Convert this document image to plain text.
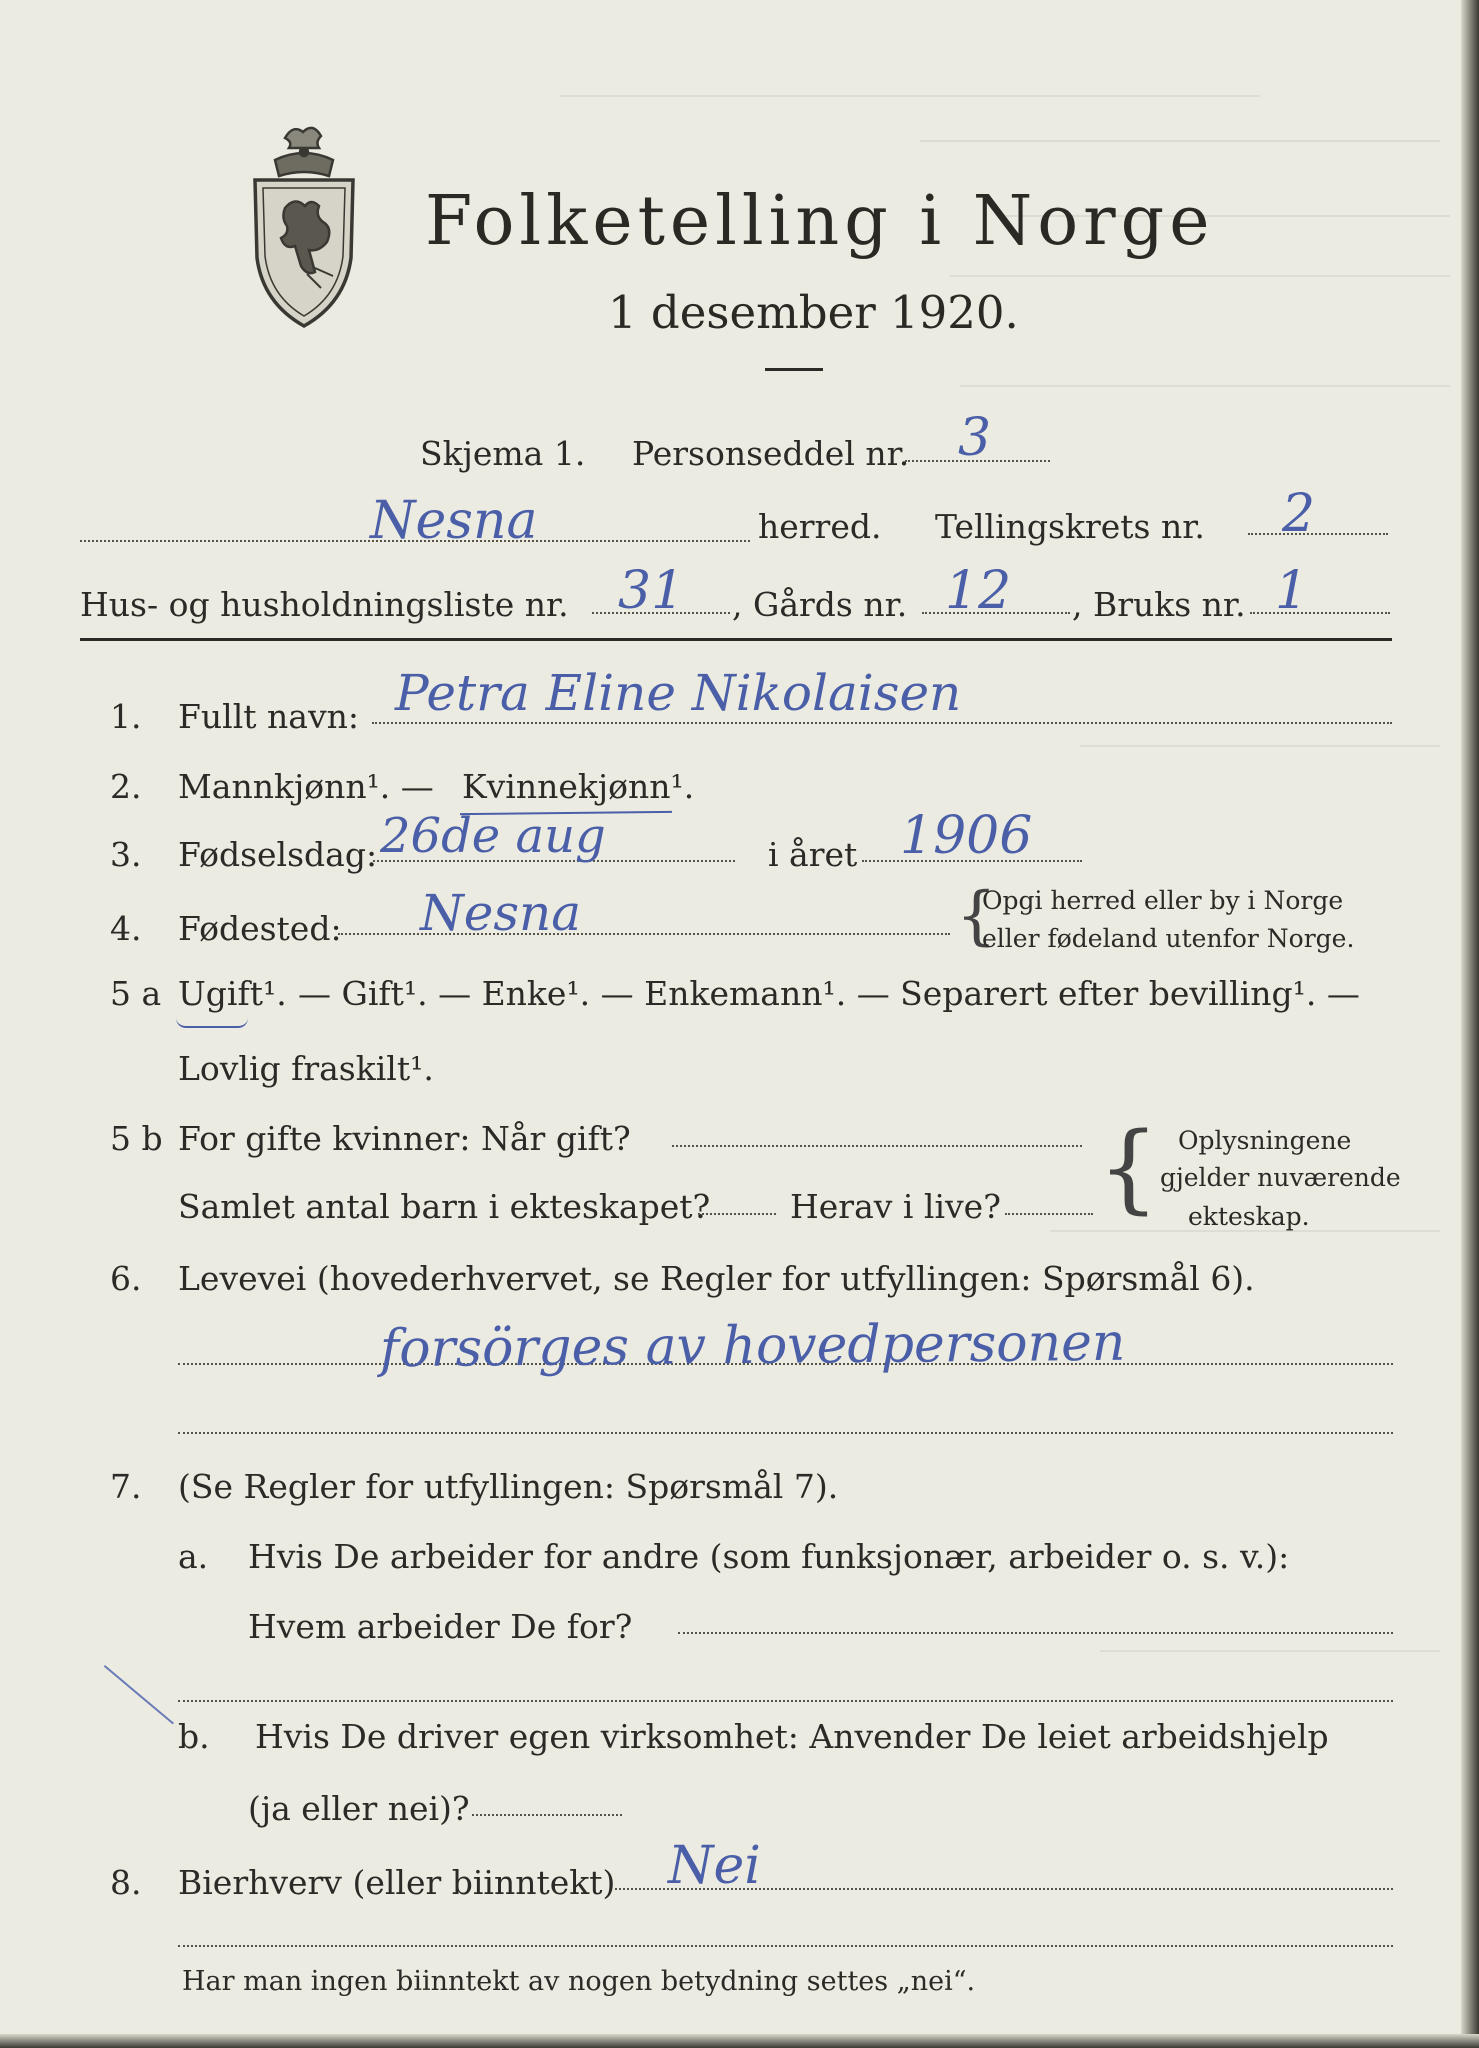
Folketelling i Norge
1 desember 1920.
Skjema 1. Personseddel nr. 3
Nesna	herred. Tellingskrets nr. 2
Hus- og husholdningsliste nr. 31 , Gårds nr. 12 , Bruks nr. 1
1. Fullt navn: Petra Eline Nikolaisen
2. Mannkjønn¹. — Kvinnekjønn¹.
3. Fødselsdag: 26de aug	i året 1906
4. Fødested: Nesna	{
Opgi herred eller by i Norge
eller fødeland utenfor Norge.
5 a Ugift¹. — Gift¹. — Enke¹. — Enkemann¹. — Separert efter bevilling¹. —
Lovlig fraskilt¹.
5 b For gifte kvinner: Når gift?
Samlet antal barn i ekteskapet? Herav i live? { Oplysningene
gjelder nuværende
ekteskap.
6. Levevei (hovederhvervet, se Regler for utfyllingen: Spørsmål 6).
forsörges av hovedpersonen
7. (Se Regler for utfyllingen: Spørsmål 7).
a. Hvis De arbeider for andre (som funksjonær, arbeider o. s. v.):
Hvem arbeider De for?
b. Hvis De driver egen virksomhet: Anvender De leiet arbeidshjelp
(ja eller nei)?
8. Bierhverv (eller biinntekt) Nei
Har man ingen biinntekt av nogen betydning settes „nei“.
